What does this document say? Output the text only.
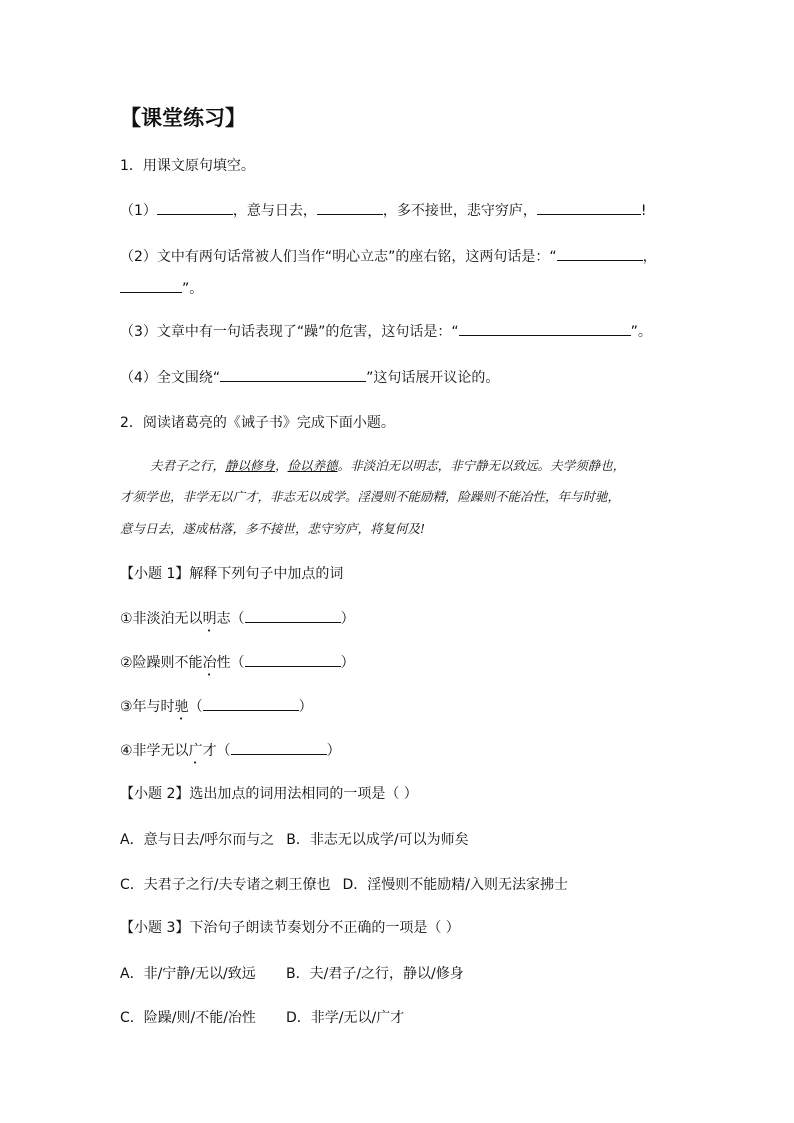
【课堂练习】
1．用课文原句填空。
（1）	，意与日去，	，多不接世，悲守穷庐，	!
（2）文中有两句话常被人们当作“明心立志”的座右铭，这两句话是：“	，
”。
（3）文章中有一句话表现了“躁”的危害，这句话是：“	”。
（4）全文围绕“	”这句话展开议论的。
2．阅读诸葛亮的《诫子书》完成下面小题。
夫君子之行，静以修身，俭以养德。非淡泊无以明志，非宁静无以致远。夫学须静也，
才须学也，非学无以广才，非志无以成学。淫漫则不能励精，险躁则不能冶性，年与时驰，
意与日去，遂成枯落，多不接世，悲守穷庐，将复何及!
【小题 1】解释下列句子中加点的词
①非淡泊无以明志（	）
②险躁则不能冶性（	）
③年与时驰（	）
④非学无以广才（	）
【小题 2】选出加点的词用法相同的一项是（ ）
A．意与日去/呼尔而与之 B．非志无以成学/可以为师矣
C．夫君子之行/夫专诸之刺王僚也 D．淫慢则不能励精/入则无法家拂士
【小题 3】下治句子朗读节奏划分不正确的一项是（ ）
A．非/宁静/无以/致远 B．夫/君子/之行，静以/修身
C．险躁/则/不能/冶性 D．非学/无以/广才
